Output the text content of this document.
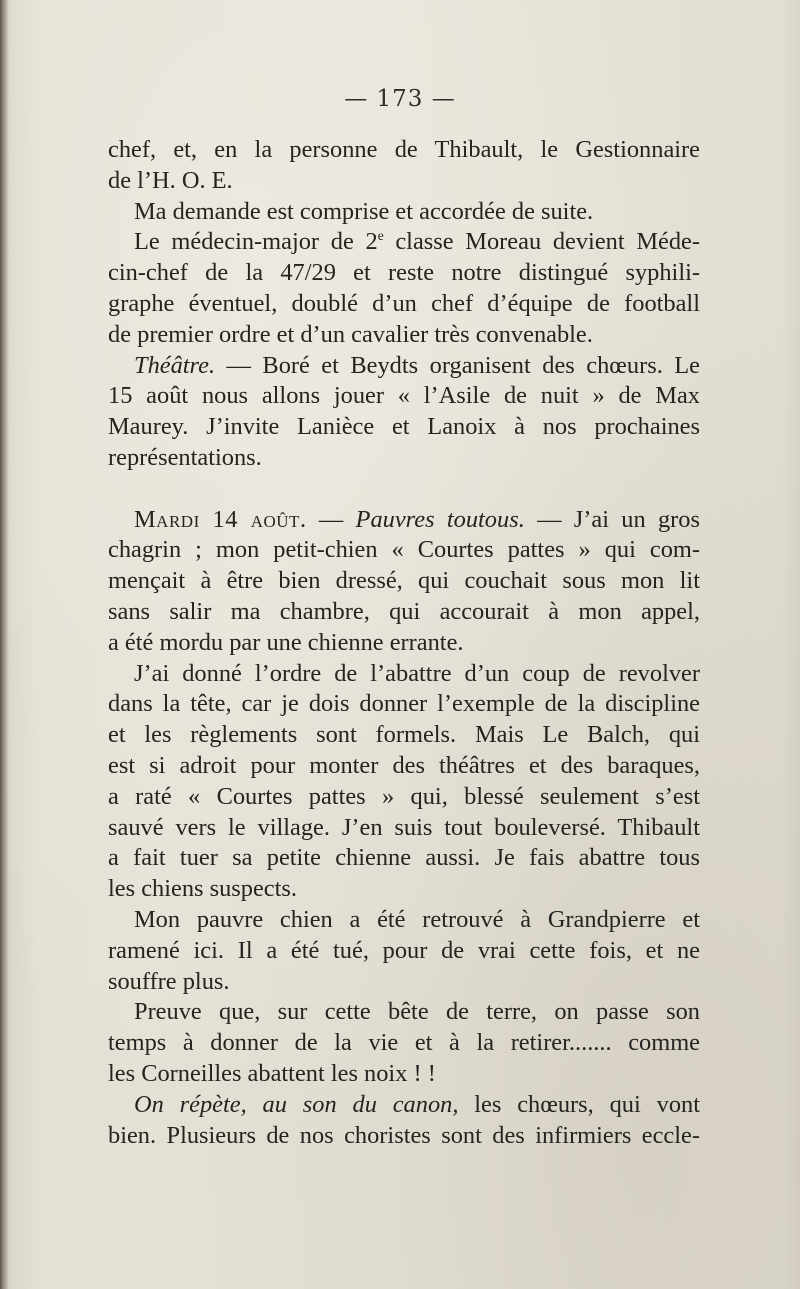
— 173 —
chef, et, en la personne de Thibault, le Gestionnaire
de l’H. O. E.
Ma demande est comprise et accordée de suite.
Le médecin-major de 2e classe Moreau devient Méde-
cin-chef de la 47/29 et reste notre distingué syphili-
graphe éventuel, doublé d’un chef d’équipe de football
de premier ordre et d’un cavalier très convenable.
Théâtre. — Boré et Beydts organisent des chœurs. Le
15 août nous allons jouer « l’Asile de nuit » de Max
Maurey. J’invite Lanièce et Lanoix à nos prochaines
représentations.
Mardi 14 août. — Pauvres toutous. — J’ai un gros
chagrin ; mon petit-chien « Courtes pattes » qui com-
mençait à être bien dressé, qui couchait sous mon lit
sans salir ma chambre, qui accourait à mon appel,
a été mordu par une chienne errante.
J’ai donné l’ordre de l’abattre d’un coup de revolver
dans la tête, car je dois donner l’exemple de la discipline
et les règlements sont formels. Mais Le Balch, qui
est si adroit pour monter des théâtres et des baraques,
a raté « Courtes pattes » qui, blessé seulement s’est
sauvé vers le village. J’en suis tout bouleversé. Thibault
a fait tuer sa petite chienne aussi. Je fais abattre tous
les chiens suspects.
Mon pauvre chien a été retrouvé à Grandpierre et
ramené ici. Il a été tué, pour de vrai cette fois, et ne
souffre plus.
Preuve que, sur cette bête de terre, on passe son
temps à donner de la vie et à la retirer....... comme
les Corneilles abattent les noix ! !
On répète, au son du canon, les chœurs, qui vont
bien. Plusieurs de nos choristes sont des infirmiers eccle-
